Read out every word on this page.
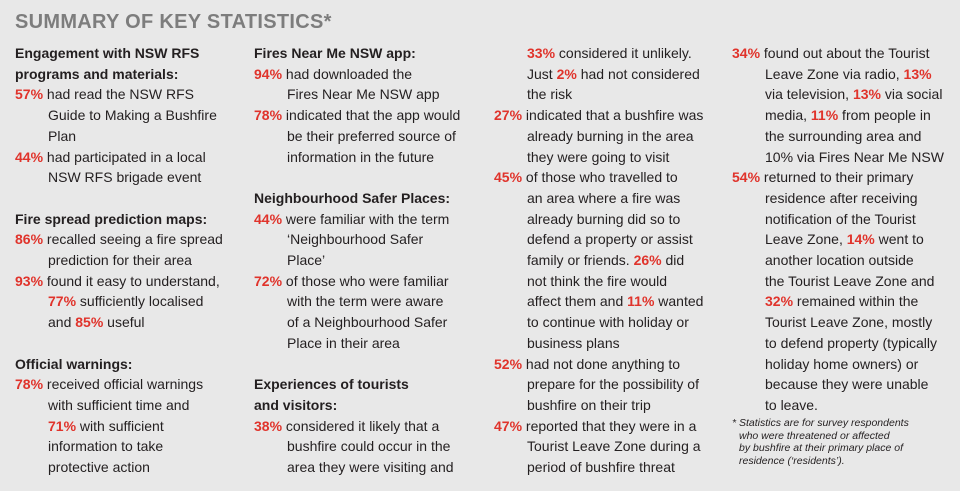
SUMMARY OF KEY STATISTICS*
Engagement with NSW RFS
programs and materials:
57% had read the NSW RFS
Guide to Making a Bushfire
Plan
44% had participated in a local
NSW RFS brigade event
Fire spread prediction maps:
86% recalled seeing a fire spread
prediction for their area
93% found it easy to understand,
77% sufficiently localised
and 85% useful
Official warnings:
78% received official warnings
with sufficient time and
71% with sufficient
information to take
protective action
Fires Near Me NSW app:
94% had downloaded the
Fires Near Me NSW app
78% indicated that the app would
be their preferred source of
information in the future
Neighbourhood Safer Places:
44% were familiar with the term
‘Neighbourhood Safer
Place’
72% of those who were familiar
with the term were aware
of a Neighbourhood Safer
Place in their area
Experiences of tourists
and visitors:
38% considered it likely that a
bushfire could occur in the
area they were visiting and
33% considered it unlikely.
Just 2% had not considered
the risk
27% indicated that a bushfire was
already burning in the area
they were going to visit
45% of those who travelled to
an area where a fire was
already burning did so to
defend a property or assist
family or friends. 26% did
not think the fire would
affect them and 11% wanted
to continue with holiday or
business plans
52% had not done anything to
prepare for the possibility of
bushfire on their trip
47% reported that they were in a
Tourist Leave Zone during a
period of bushfire threat
34% found out about the Tourist
Leave Zone via radio, 13%
via television, 13% via social
media, 11% from people in
the surrounding area and
10% via Fires Near Me NSW
54% returned to their primary
residence after receiving
notification of the Tourist
Leave Zone, 14% went to
another location outside
the Tourist Leave Zone and
32% remained within the
Tourist Leave Zone, mostly
to defend property (typically
holiday home owners) or
because they were unable
to leave.
* Statistics are for survey respondents
who were threatened or affected
by bushfire at their primary place of
residence (‘residents’).
